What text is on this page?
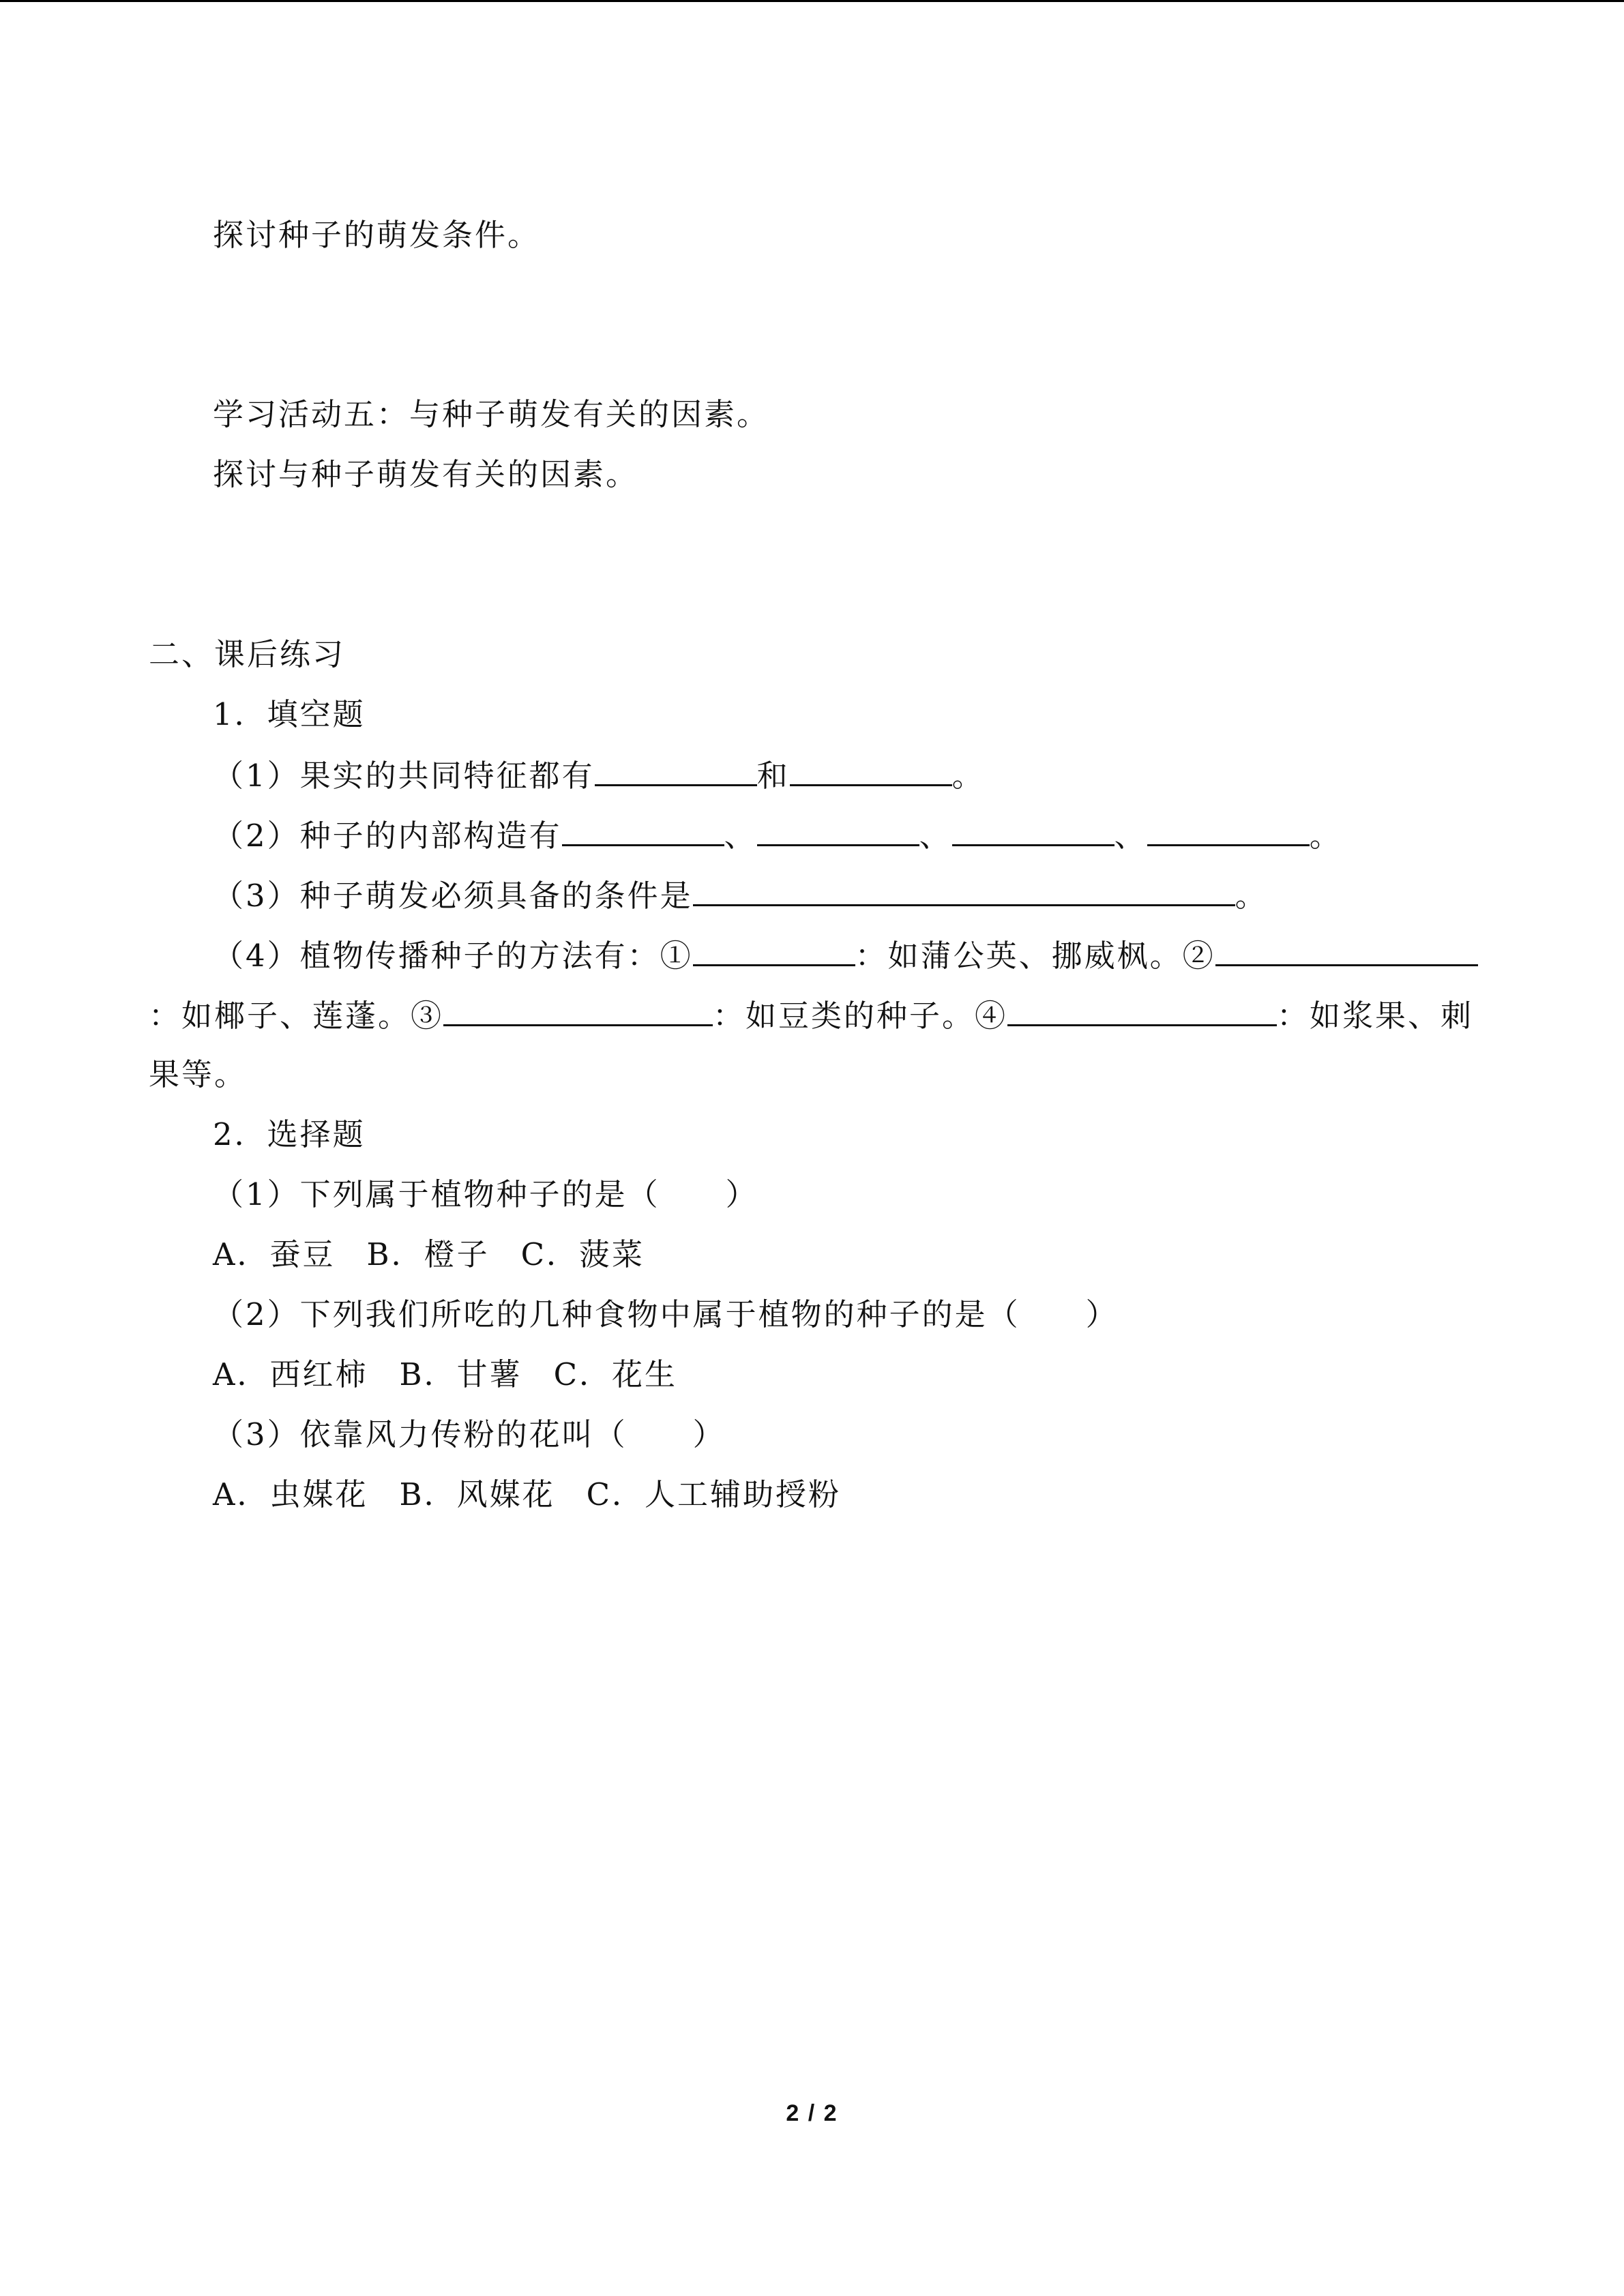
探讨种子的萌发条件。
学习活动五：与种子萌发有关的因素。
探讨与种子萌发有关的因素。
二、课后练习
1．填空题
（1）果实的共同特征都有	和	。
（2）种子的内部构造有	、	、	、	。
（3）种子萌发必须具备的条件是	。
（4）植物传播种子的方法有：①	：如蒲公英、挪威枫。②
：如椰子、莲蓬。③	：如豆类的种子。④	：如浆果、刺
果等。
2．选择题
（1）下列属于植物种子的是（　　）
A．蚕豆 B．橙子 C．菠菜
（2）下列我们所吃的几种食物中属于植物的种子的是（　　）
A．西红柿 B．甘薯 C．花生
（3）依靠风力传粉的花叫（　　）
A．虫媒花 B．风媒花 C．人工辅助授粉
2 / 2
